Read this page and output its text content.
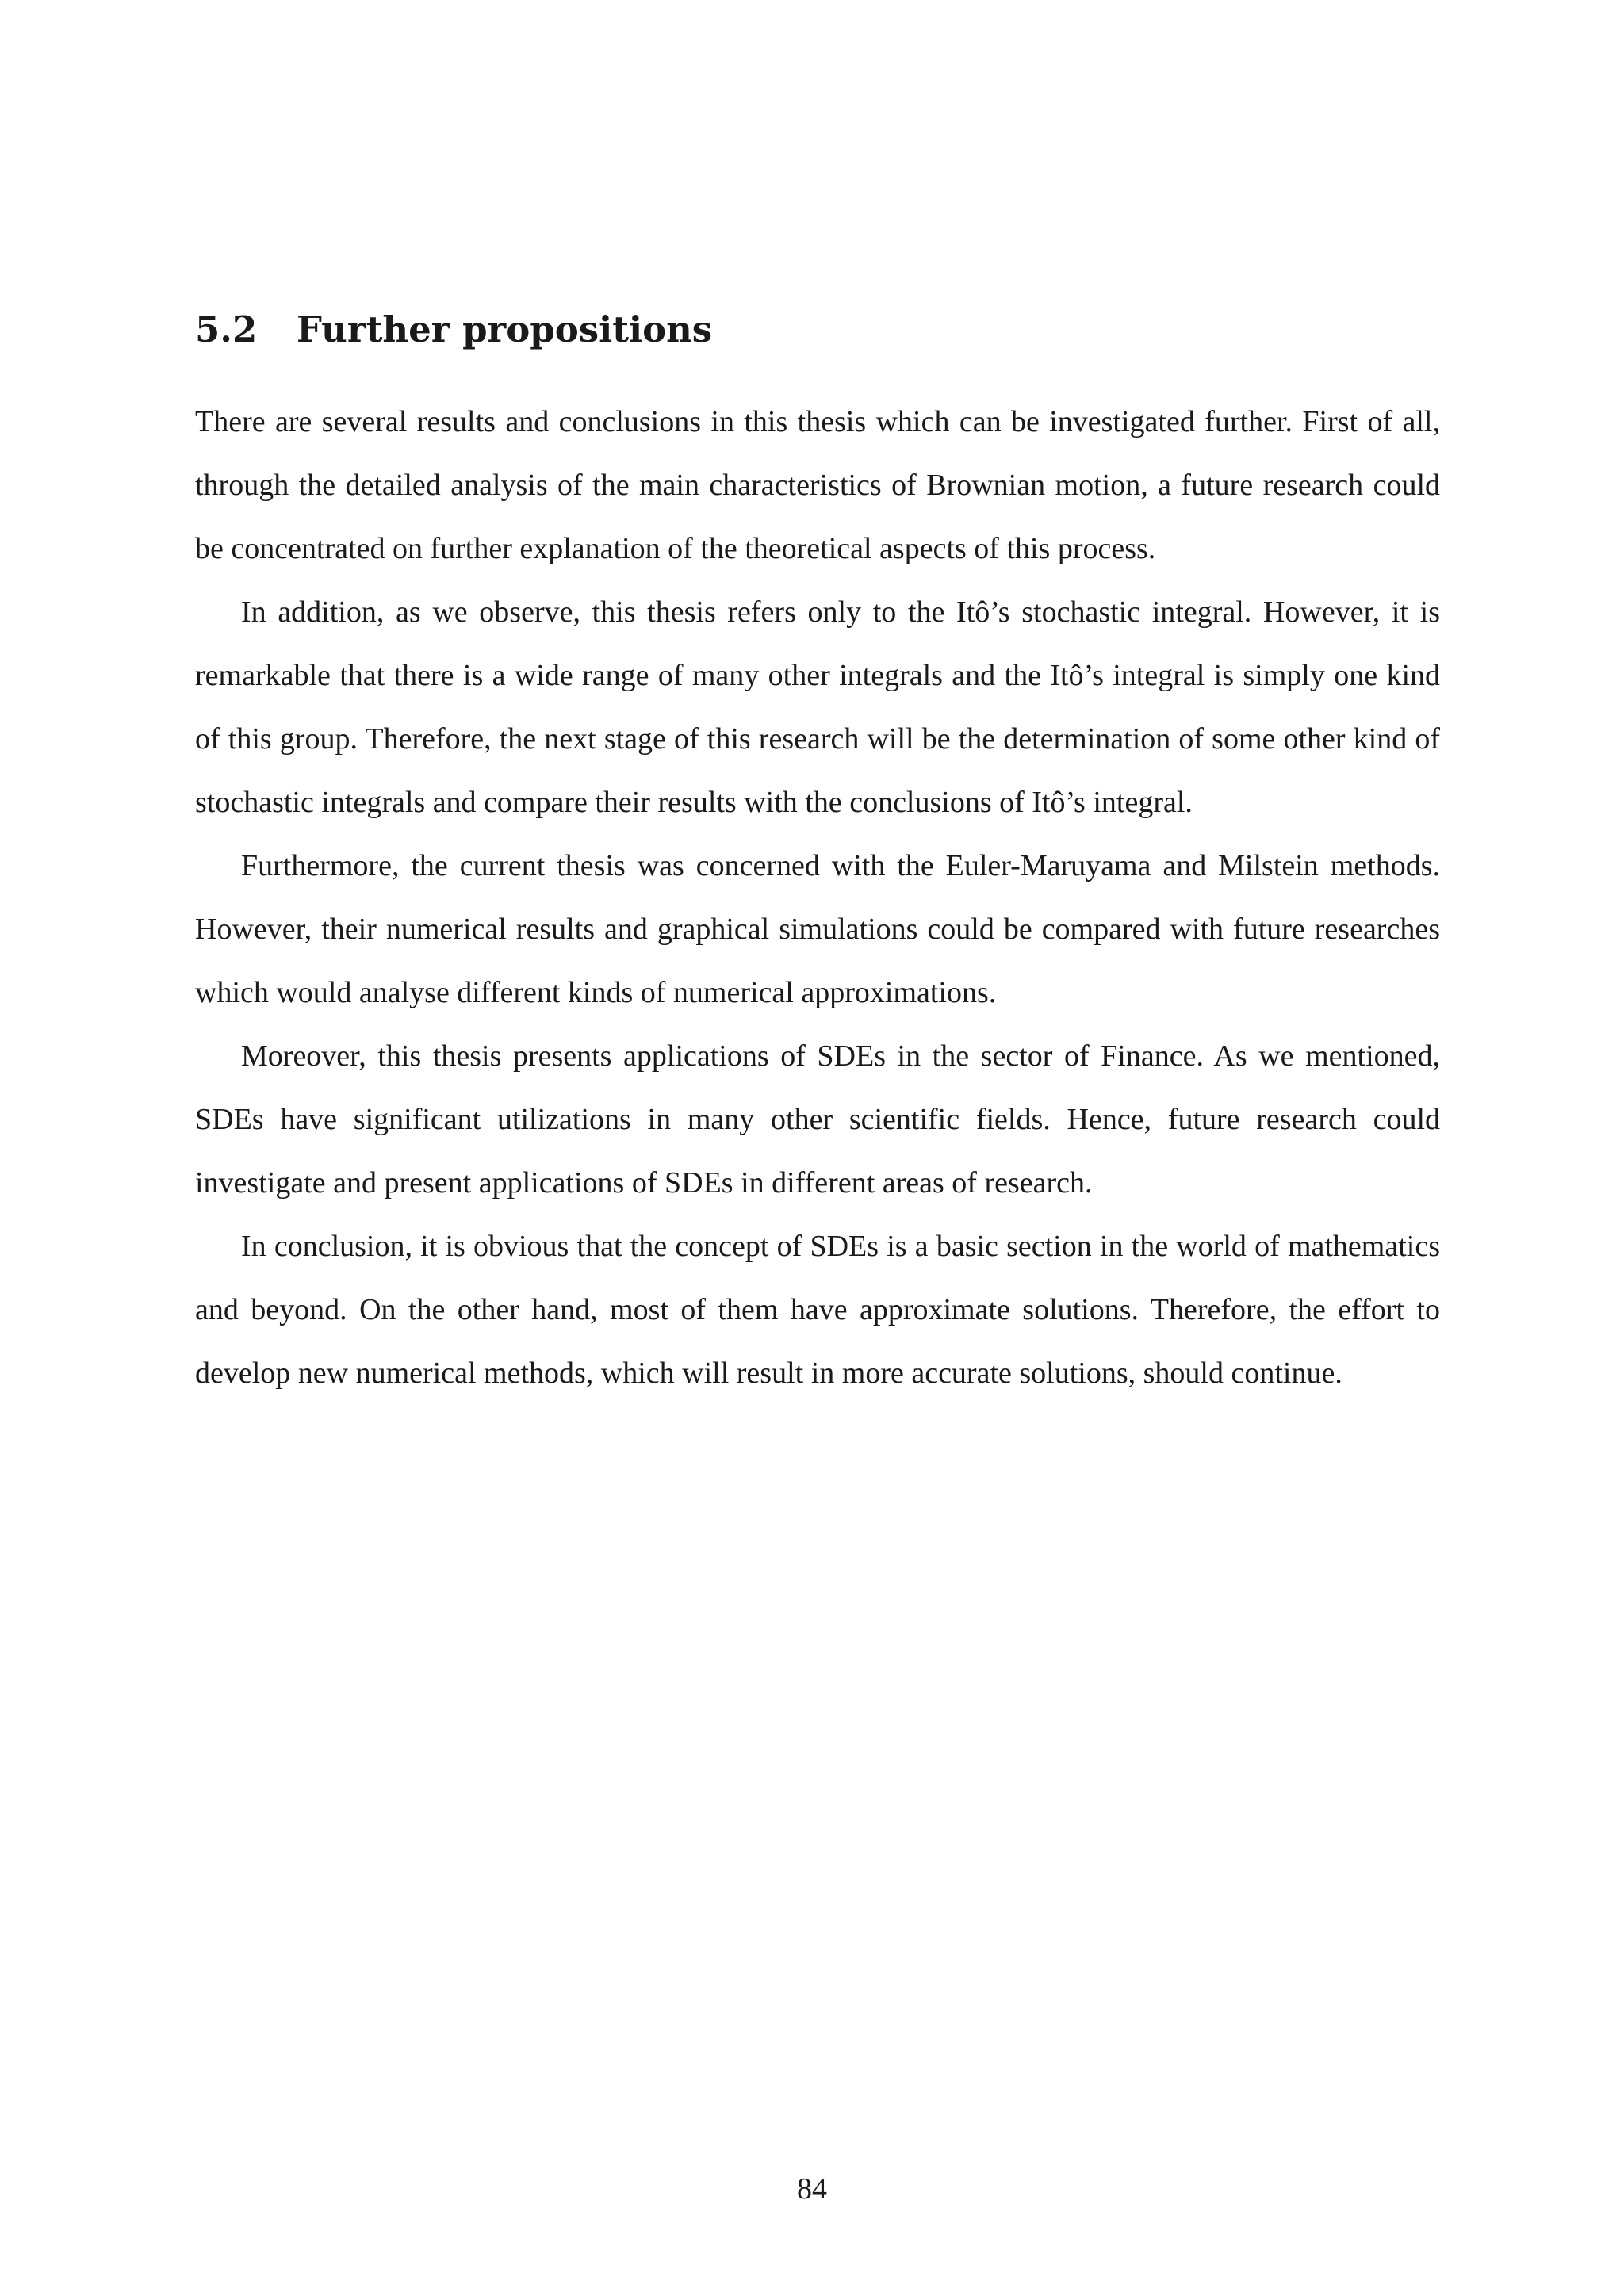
5.2 Further propositions

There are several results and conclusions in this thesis which can be investigated further. First of all, through the detailed analysis of the main characteristics of Brownian motion, a future research could be concentrated on further explanation of the theoretical aspects of this process.

In addition, as we observe, this thesis refers only to the Itô’s stochastic integral. However, it is remarkable that there is a wide range of many other integrals and the Itô’s integral is simply one kind of this group. Therefore, the next stage of this research will be the determination of some other kind of stochastic integrals and compare their results with the conclusions of Itô’s integral.

Furthermore, the current thesis was concerned with the Euler-Maruyama and Milstein methods. However, their numerical results and graphical simulations could be compared with future researches which would analyse different kinds of numerical approximations.

Moreover, this thesis presents applications of SDEs in the sector of Finance. As we mentioned, SDEs have significant utilizations in many other scientific fields. Hence, future research could investigate and present applications of SDEs in different areas of research.

In conclusion, it is obvious that the concept of SDEs is a basic section in the world of mathematics and beyond. On the other hand, most of them have approximate solutions. Therefore, the effort to develop new numerical methods, which will result in more accurate solutions, should continue.

84
